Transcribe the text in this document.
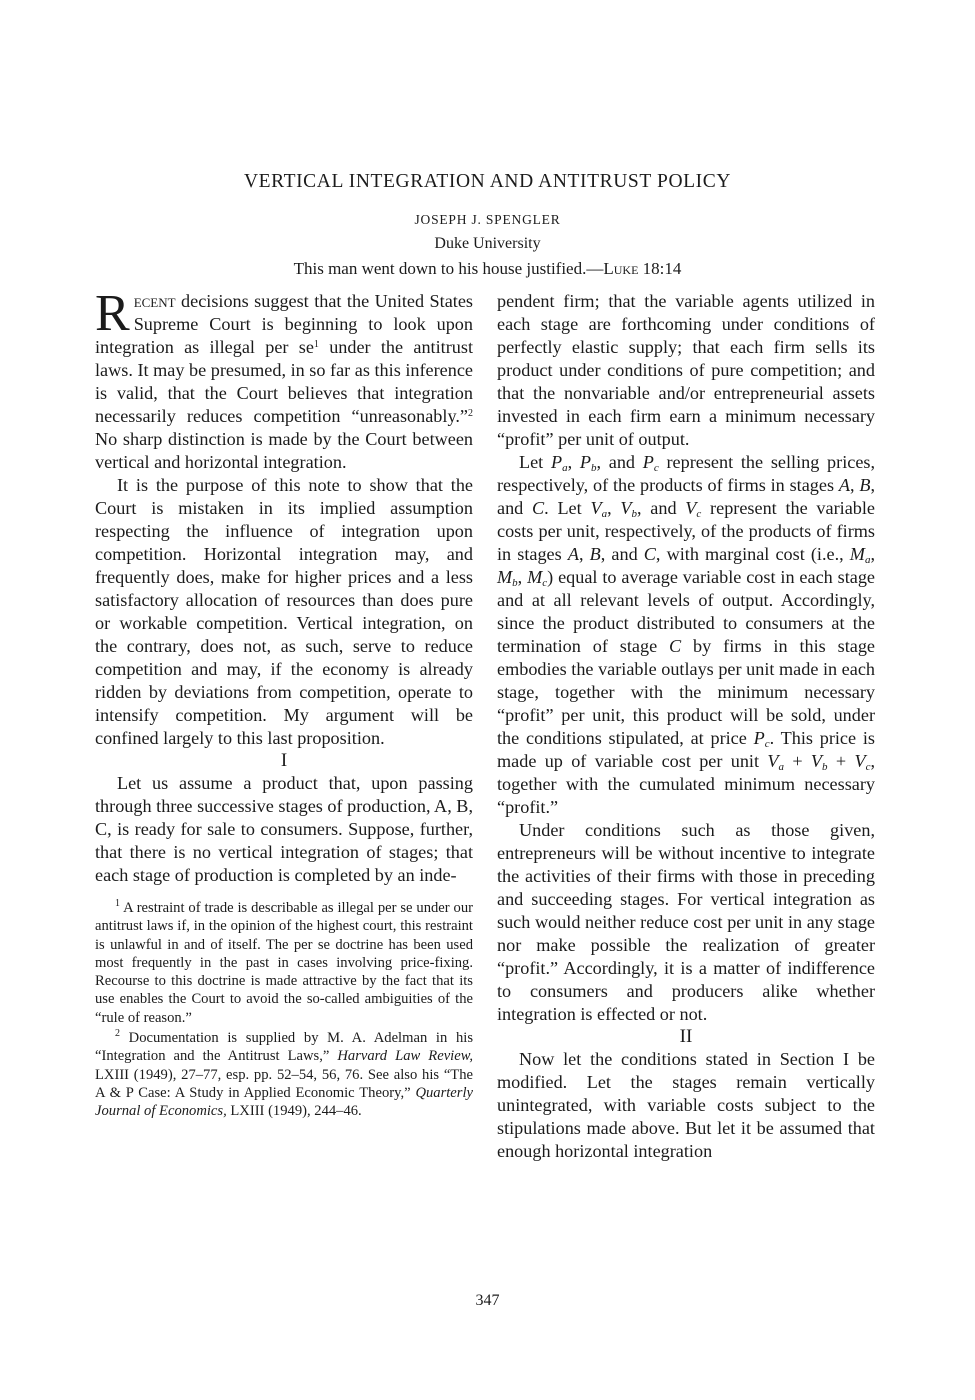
VERTICAL INTEGRATION AND ANTITRUST POLICY
JOSEPH J. SPENGLER
Duke University
This man went down to his house justified.—Luke 18:14

Recent decisions suggest that the United States Supreme Court is beginning to look upon integration as illegal per $se^1$ under the antitrust laws. It may be presumed, in so far as this inference is valid, that the Court believes that integration necessarily reduces competition “unreasonably.”$^2$ No sharp distinction is made by the Court between vertical and horizontal integration.

It is the purpose of this note to show that the Court is mistaken in its implied assumption respecting the influence of integration upon competition. Horizontal integration may, and frequently does, make for higher prices and a less satisfactory allocation of resources than does pure or workable competition. Vertical integration, on the contrary, does not, as such, serve to reduce competition and may, if the economy is already ridden by deviations from competition, operate to intensify competition. My argument will be confined largely to this last proposition.

I

Let us assume a product that, upon passing through three successive stages of production, A, B, C, is ready for sale to consumers. Suppose, further, that there is no vertical integration of stages; that each stage of production is completed by an inde-

$^1$ A restraint of trade is describable as illegal per se under our antitrust laws if, in the opinion of the highest court, this restraint is unlawful in and of itself. The per se doctrine has been used most frequently in the past in cases involving price-fixing. Recourse to this doctrine is made attractive by the fact that its use enables the Court to avoid the so-called ambiguities of the “rule of reason.”

$^2$ Documentation is supplied by M. A. Adelman in his “Integration and the Antitrust Laws,” Harvard Law Review, LXIII (1949), 27–77, esp. pp. 52–54, 56, 76. See also his “The A & P Case: A Study in Applied Economic Theory,” Quarterly Journal of Economics, LXIII (1949), 244–46.

pendent firm; that the variable agents utilized in each stage are forthcoming under conditions of perfectly elastic supply; that each firm sells its product under conditions of pure competition; and that the nonvariable and/or entrepreneurial assets invested in each firm earn a minimum necessary “profit” per unit of output.

Let $P_a$, $P_b$, and $P_c$ represent the selling prices, respectively, of the products of firms in stages A, B, and C. Let $V_a$, $V_b$, and $V_c$ represent the variable costs per unit, respectively, of the products of firms in stages A, B, and C, with marginal cost (i.e., $M_a$, $M_b$, $M_c$) equal to average variable cost in each stage and at all relevant levels of output. Accordingly, since the product distributed to consumers at the termination of stage C by firms in this stage embodies the variable outlays per unit made in each stage, together with the minimum necessary “profit” per unit, this product will be sold, under the conditions stipulated, at price $P_c$. This price is made up of variable cost per unit $V_a + V_b + V_c$, together with the cumulated minimum necessary “profit.”

Under conditions such as those given, entrepreneurs will be without incentive to integrate the activities of their firms with those in preceding and succeeding stages. For vertical integration as such would neither reduce cost per unit in any stage nor make possible the realization of greater “profit.” Accordingly, it is a matter of indifference to consumers and producers alike whether integration is effected or not.

II

Now let the conditions stated in Section I be modified. Let the stages remain vertically unintegrated, with variable costs subject to the stipulations made above. But let it be assumed that enough horizontal integration

347
